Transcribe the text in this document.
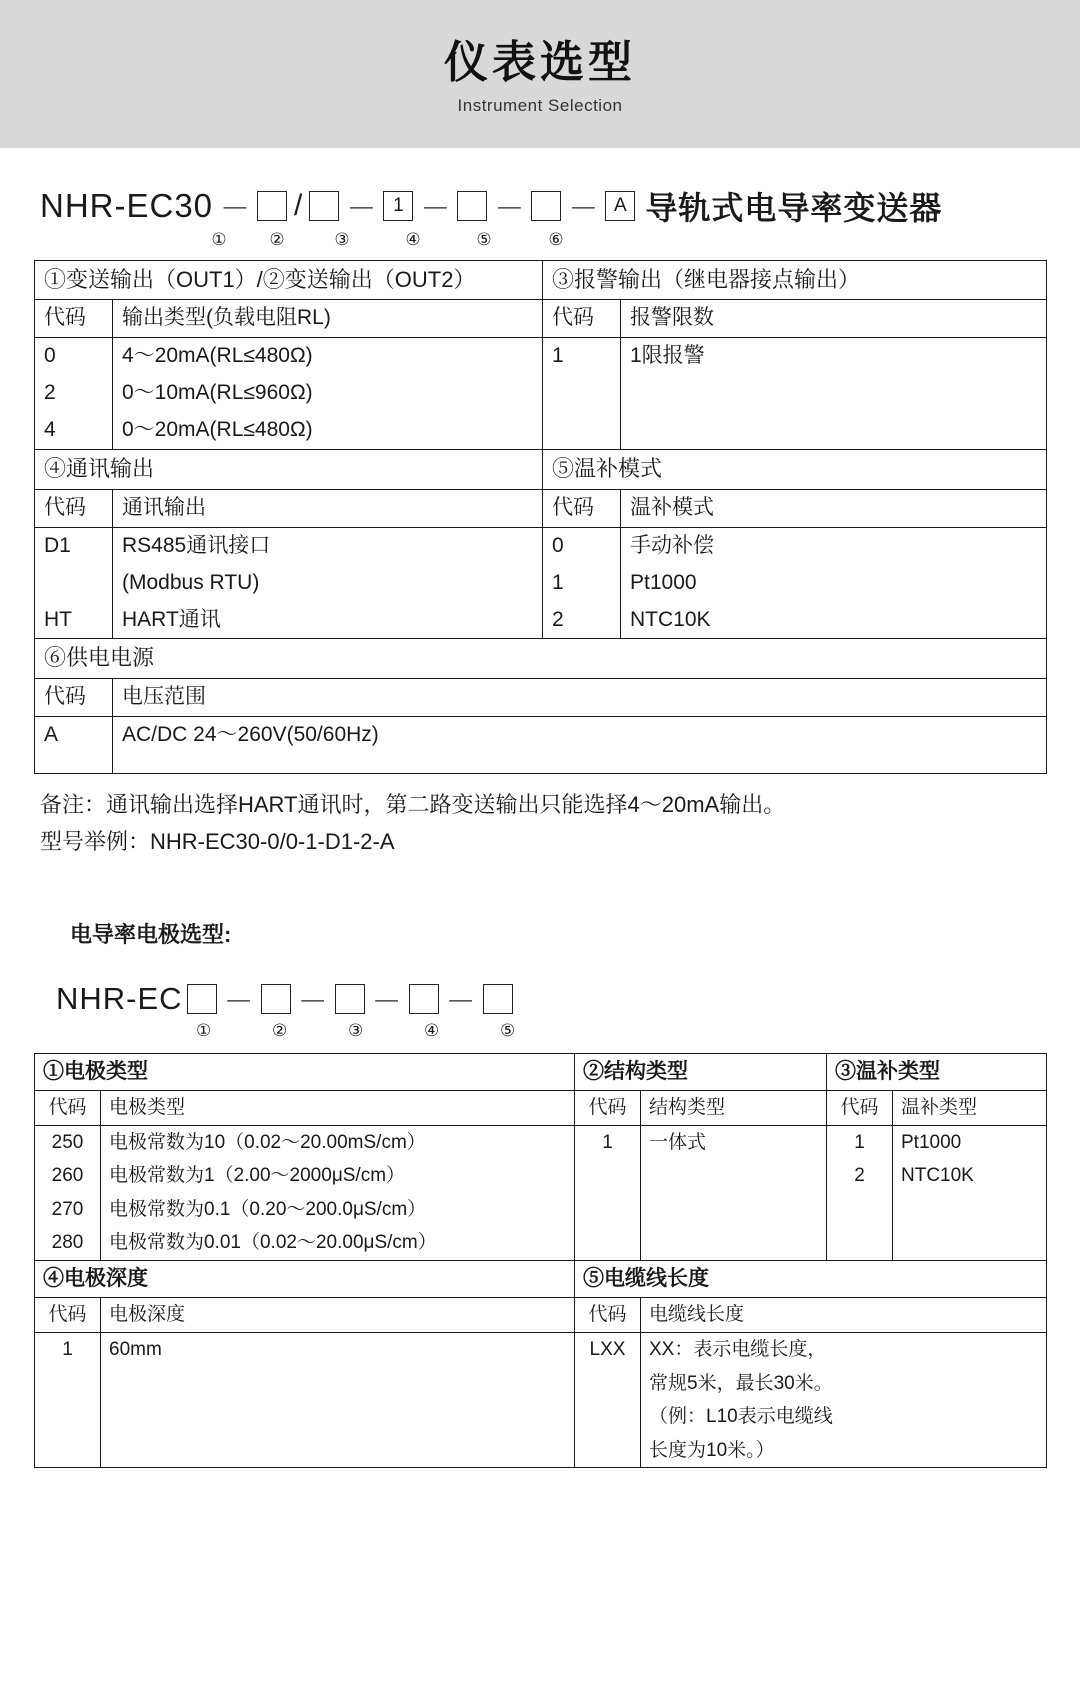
仪表选型
Instrument Selection
NHR-EC30 － / － 1 － － － A 导轨式电导率变送器
①	②	③	④	⑤	⑥
①变送输出（OUT1）/②变送输出（OUT2）		③报警输出（继电器接点输出）	
代码	输出类型(负载电阻RL)	代码	报警限数
0	4～20mA(RL≤480Ω)	1	1限报警
2	0～10mA(RL≤960Ω)		
4	0～20mA(RL≤480Ω)		
④通讯输出		⑤温补模式	
代码	通讯输出	代码	温补模式
D1	RS485通讯接口	0	手动补偿
	(Modbus RTU)	1	Pt1000
HT	HART通讯	2	NTC10K
⑥供电电源			
代码	电压范围		
A	AC/DC 24～260V(50/60Hz)		
备注：通讯输出选择HART通讯时，第二路变送输出只能选择4～20mA输出。
型号举例：NHR-EC30-0/0-1-D1-2-A
电导率电极选型:
NHR-EC － － － －
①	②	③	④	⑤
①电极类型		②结构类型		③温补类型	
代码	电极类型	代码	结构类型	代码	温补类型
250	电极常数为10（0.02～20.00mS/cm）	1	一体式	1	Pt1000
260	电极常数为1（2.00～2000μS/cm）			2	NTC10K
270	电极常数为0.1（0.20～200.0μS/cm）				
280	电极常数为0.01（0.02～20.00μS/cm）				
④电极深度		⑤电缆线长度			
代码	电极深度	代码	电缆线长度		
1	60mm	LXX	XX：表示电缆长度，		
			常规5米，最长30米。		
			（例：L10表示电缆线		
			长度为10米。）		
